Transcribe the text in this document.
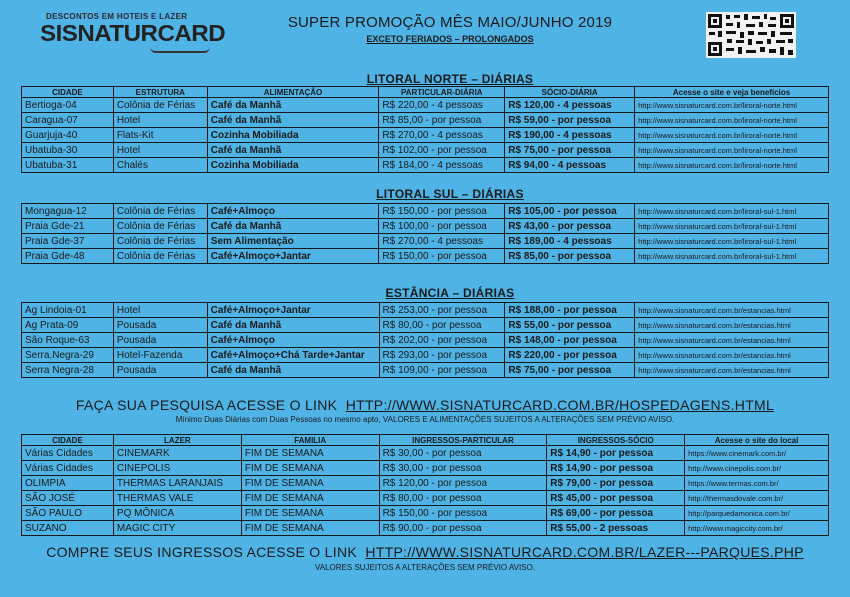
DESCONTOS EM HOTEIS E LAZER
SISNATURCARD	SUPER PROMOÇÃO MÊS MAIO/JUNHO 2019
EXCETO FERIADOS – PROLONGADOS
LITORAL NORTE – DIÁRIAS
CIDADE	ESTRUTURA	ALIMENTAÇÃO	PARTICULAR-DIÁRIA	SÓCIO-DIÁRIA	Acesse o site e veja benefícios
Bertioga-04	Colônia de Férias	Café da Manhã	R$ 220,00 - 4 pessoas	R$ 120,00 - 4 pessoas	http://www.sisnaturcard.com.br/liroral-norte.html
Caragua-07	Hotel	Café da Manhã	R$ 85,00 - por pessoa	R$ 59,00 - por pessoa	http://www.sisnaturcard.com.br/liroral-norte.html
Guarjuja-40	Flats-Kit	Cozinha Mobiliada	R$ 270,00 - 4 pessoas	R$ 190,00 - 4 pessoas	http://www.sisnaturcard.com.br/liroral-norte.html
Ubatuba-30	Hotel	Café da Manhã	R$ 102,00 - por pessoa	R$ 75,00 - por pessoa	http://www.sisnaturcard.com.br/liroral-norte.html
Ubatuba-31	Chalés	Cozinha Mobiliada	R$ 184,00 - 4 pessoas	R$ 94,00 - 4 pessoas	http://www.sisnaturcard.com.br/liroral-norte.html
LITORAL SUL – DIÁRIAS
Mongagua-12	Colônia de Férias	Café+Almoço	R$ 150,00 - por pessoa	R$ 105,00 - por pessoa	http://www.sisnaturcard.com.br/liroral-sul-1.html
Praia Gde-21	Colônia de Férias	Café da Manhã	R$ 100,00 - por pessoa	R$ 43,00 - por pessoa	http://www.sisnaturcard.com.br/liroral-sul-1.html
Praia Gde-37	Colônia de Férias	Sem Alimentação	R$ 270,00 - 4 pessoas	R$ 189,00 - 4 pessoas	http://www.sisnaturcard.com.br/liroral-sul-1.html
Praia Gde-48	Colônia de Férias	Café+Almoço+Jantar	R$ 150,00 - por pessoa	R$ 85,00 - por pessoa	http://www.sisnaturcard.com.br/liroral-sul-1.html
ESTÂNCIA – DIÁRIAS
Ag Lindoia-01	Hotel	Café+Almoço+Jantar	R$ 253,00 - por pessoa	R$ 188,00 - por pessoa	http://www.sisnaturcard.com.br/estancias.html
Ag Prata-09	Pousada	Café da Manhã	R$ 80,00 - por pessoa	R$ 55,00 - por pessoa	http://www.sisnaturcard.com.br/estancias.html
São Roque-63	Pousada	Café+Almoço	R$ 202,00 - por pessoa	R$ 148,00 - por pessoa	http://www.sisnaturcard.com.br/estancias.html
Serra.Negra-29	Hotel-Fazenda	Café+Almoço+Chá Tarde+Jantar	R$ 293,00 - por pessoa	R$ 220,00 - por pessoa	http://www.sisnaturcard.com.br/estancias.html
Serra Negra-28	Pousada	Café da Manhã	R$ 109,00 - por pessoa	R$ 75,00 - por pessoa	http://www.sisnaturcard.com.br/estancias.html
FAÇA SUA PESQUISA ACESSE O LINK HTTP://WWW.SISNATURCARD.COM.BR/HOSPEDAGENS.HTML
Mínimo Duas Diárias com Duas Pessoas no mesmo apto, VALORES E ALIMENTAÇÕES SUJEITOS A ALTERAÇÕES SEM PRÉVIO AVISO.
CIDADE	LAZER	FAMILIA	INGRESSOS-PARTICULAR	INGRESSOS-SÓCIO	Acesse o site do local
Várias Cidades	CINEMARK	FIM DE SEMANA	R$ 30,00 - por pessoa	R$ 14,90 - por pessoa	https://www.cinemark.com.br/
Várias Cidades	CINEPOLIS	FIM DE SEMANA	R$ 30,00 - por pessoa	R$ 14,90 - por pessoa	http://www.cinepolis.com.br/
OLIMPIA	THERMAS LARANJAIS	FIM DE SEMANA	R$ 120,00 - por pessoa	R$ 79,00 - por pessoa	https://www.termas.com.br/
SÃO JOSÉ	THERMAS VALE	FIM DE SEMANA	R$ 80,00 - por pessoa	R$ 45,00 - por pessoa	http://thermasdovale.com.br/
SÃO PAULO	PQ MÔNICA	FIM DE SEMANA	R$ 150,00 - por pessoa	R$ 69,00 - por pessoa	http://parquedamonica.com.br/
SUZANO	MAGIC CITY	FIM DE SEMANA	R$ 90,00 - por pessoa	R$ 55,00 - 2 pessoas	http://www.magiccity.com.br/
COMPRE SEUS INGRESSOS ACESSE O LINK HTTP://WWW.SISNATURCARD.COM.BR/LAZER---PARQUES.PHP
VALORES SUJEITOS A ALTERAÇÕES SEM PRÉVIO AVISO.
